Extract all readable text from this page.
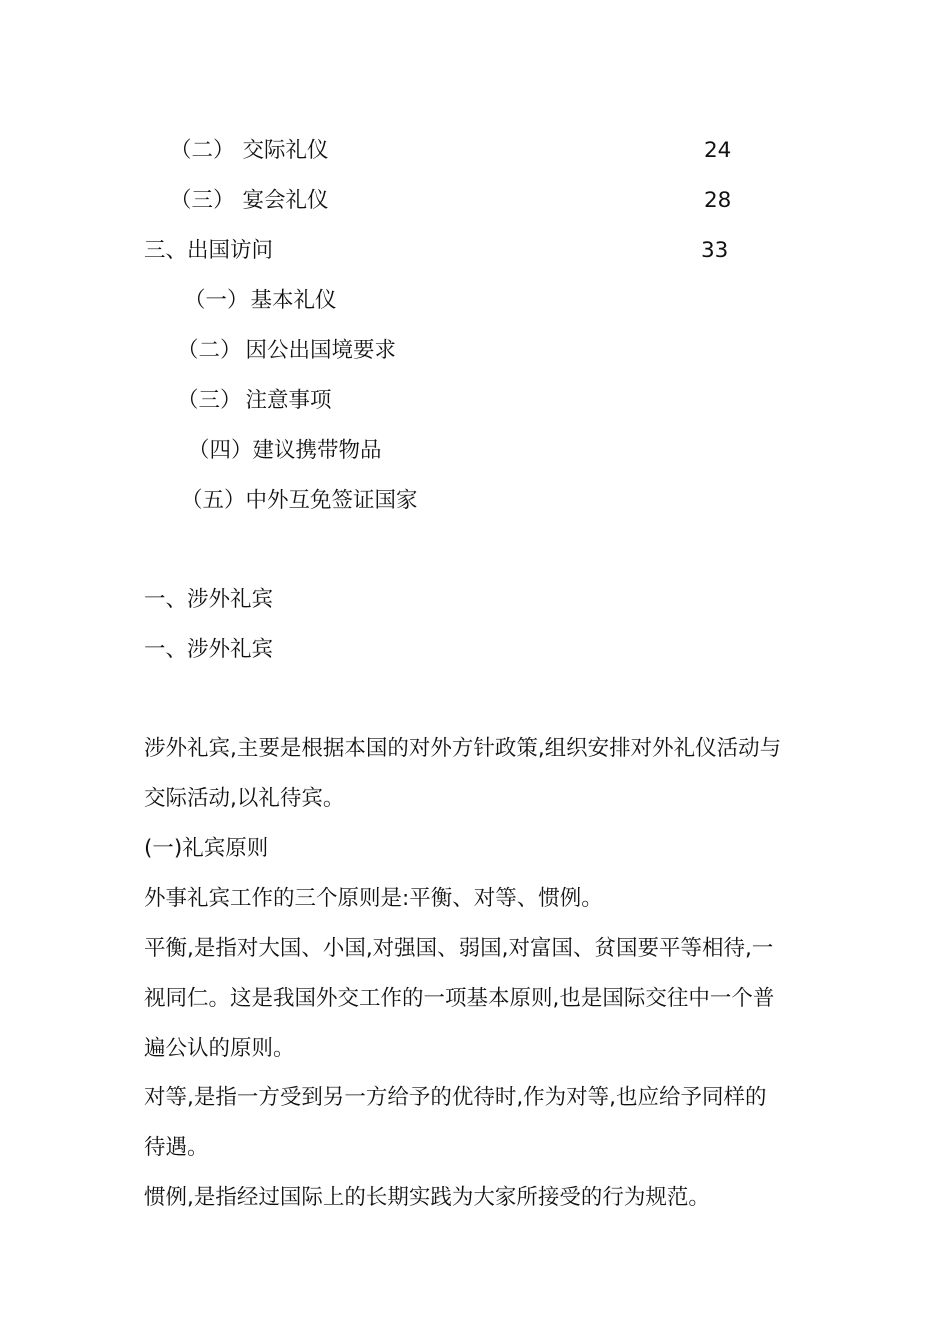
（二） 交际礼仪	24
（三） 宴会礼仪	28
三、出国访问	33
（一）基本礼仪
（二） 因公出国境要求
（三） 注意事项
（四）建议携带物品
（五）中外互免签证国家
一、涉外礼宾
一、涉外礼宾
涉外礼宾,主要是根据本国的对外方针政策,组织安排对外礼仪活动与
交际活动,以礼待宾。
(一)礼宾原则
外事礼宾工作的三个原则是:平衡、对等、惯例。
平衡,是指对大国、小国,对强国、弱国,对富国、贫国要平等相待,一
视同仁。这是我国外交工作的一项基本原则,也是国际交往中一个普
遍公认的原则。
对等,是指一方受到另一方给予的优待时,作为对等,也应给予同样的
待遇。
惯例,是指经过国际上的长期实践为大家所接受的行为规范。
